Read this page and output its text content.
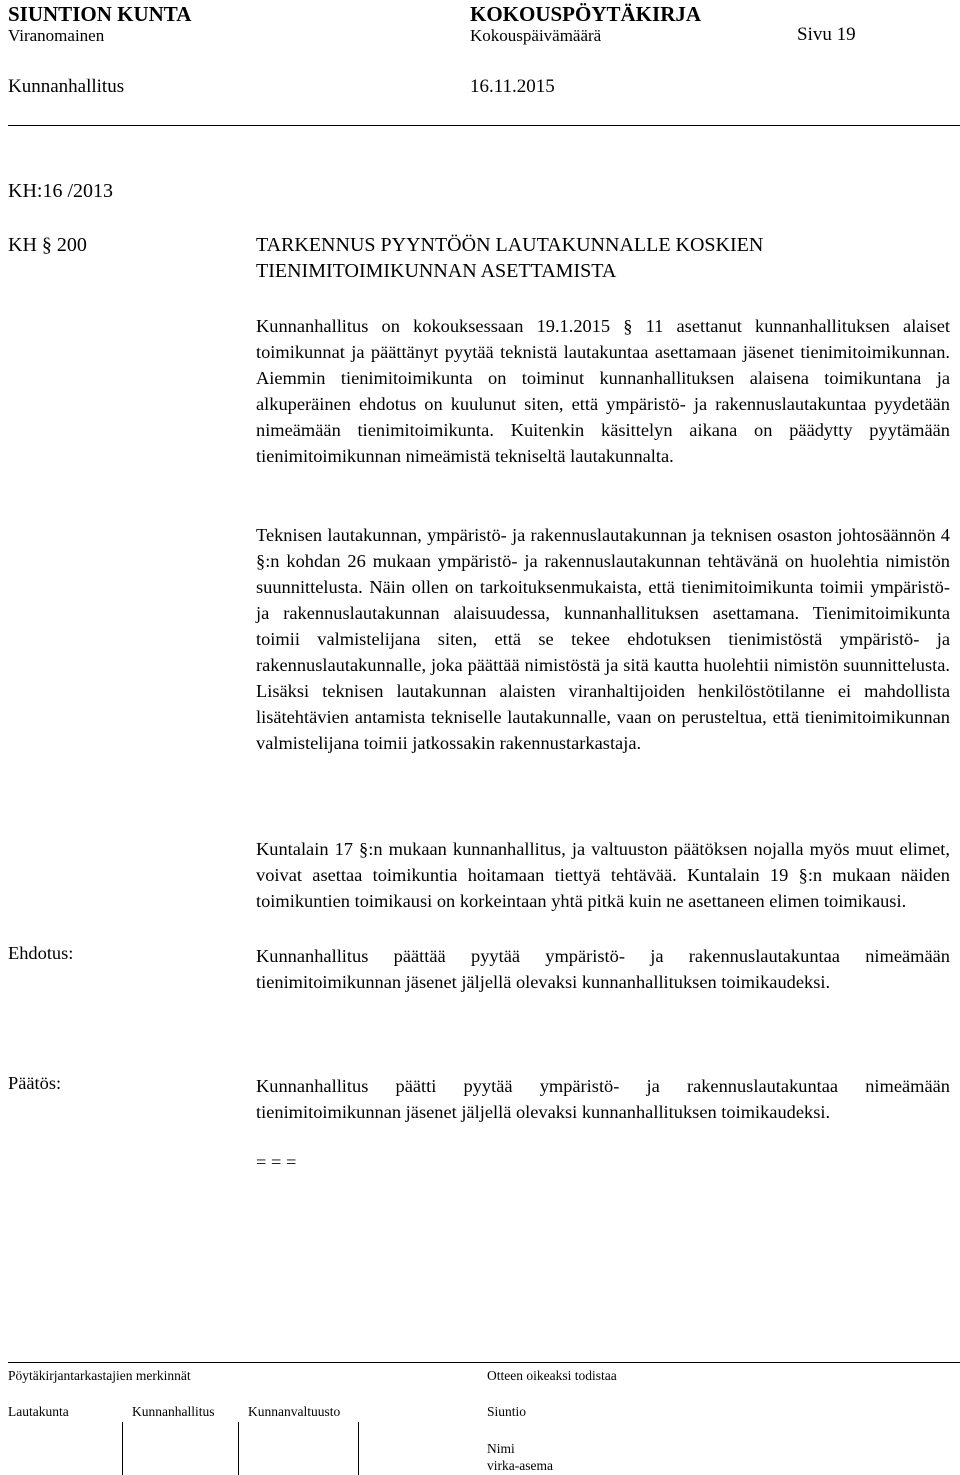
SIUNTION KUNTA	KOKOUSPÖYTÄKIRJA
Viranomainen	Kokouspäivämäärä	Sivu 19
Kunnanhallitus	16.11.2015
KH:16 /2013
KH § 200	TARKENNUS PYYNTÖÖN LAUTAKUNNALLE KOSKIEN
TIENIMITOIMIKUNNAN ASETTAMISTA
Kunnanhallitus on kokouksessaan 19.1.2015 § 11 asettanut kunnanhallituksen alaiset toimikunnat ja päättänyt pyytää teknistä lautakuntaa asettamaan jäsenet tienimitoimikunnan. Aiemmin tienimitoimikunta on toiminut kunnanhallituksen alaisena toimikuntana ja alkuperäinen ehdotus on kuulunut siten, että ympäristö- ja rakennuslautakuntaa pyydetään nimeämään tienimitoimikunta. Kuitenkin käsittelyn aikana on päädytty pyytämään tienimitoimikunnan nimeämistä tekniseltä lautakunnalta.
Teknisen lautakunnan, ympäristö- ja rakennuslautakunnan ja teknisen osaston johtosäännön 4 §:n kohdan 26 mukaan ympäristö- ja rakennuslautakunnan tehtävänä on huolehtia nimistön suunnittelusta. Näin ollen on tarkoituksenmukaista, että tienimitoimikunta toimii ympäristö- ja rakennuslautakunnan alaisuudessa, kunnanhallituksen asettamana. Tienimitoimikunta toimii valmistelijana siten, että se tekee ehdotuksen tienimistöstä ympäristö- ja rakennuslautakunnalle, joka päättää nimistöstä ja sitä kautta huolehtii nimistön suunnittelusta. Lisäksi teknisen lautakunnan alaisten viranhaltijoiden henkilöstötilanne ei mahdollista lisätehtävien antamista tekniselle lautakunnalle, vaan on perusteltua, että tienimitoimikunnan valmistelijana toimii jatkossakin rakennustarkastaja.
Kuntalain 17 §:n mukaan kunnanhallitus, ja valtuuston päätöksen nojalla myös muut elimet, voivat asettaa toimikuntia hoitamaan tiettyä tehtävää. Kuntalain 19 §:n mukaan näiden toimikuntien toimikausi on korkeintaan yhtä pitkä kuin ne asettaneen elimen toimikausi.
Ehdotus:	Kunnanhallitus päättää pyytää ympäristö- ja rakennuslautakuntaa nimeämään tienimitoimikunnan jäsenet jäljellä olevaksi kunnanhallituksen toimikaudeksi.
Päätös:	Kunnanhallitus päätti pyytää ympäristö- ja rakennuslautakuntaa nimeämään tienimitoimikunnan jäsenet jäljellä olevaksi kunnanhallituksen toimikaudeksi.
= = =
Pöytäkirjantarkastajien merkinnät	Otteen oikeaksi todistaa
Lautakunta	Kunnanhallitus Kunnanvaltuusto	Siuntio
Nimi
virka-asema
